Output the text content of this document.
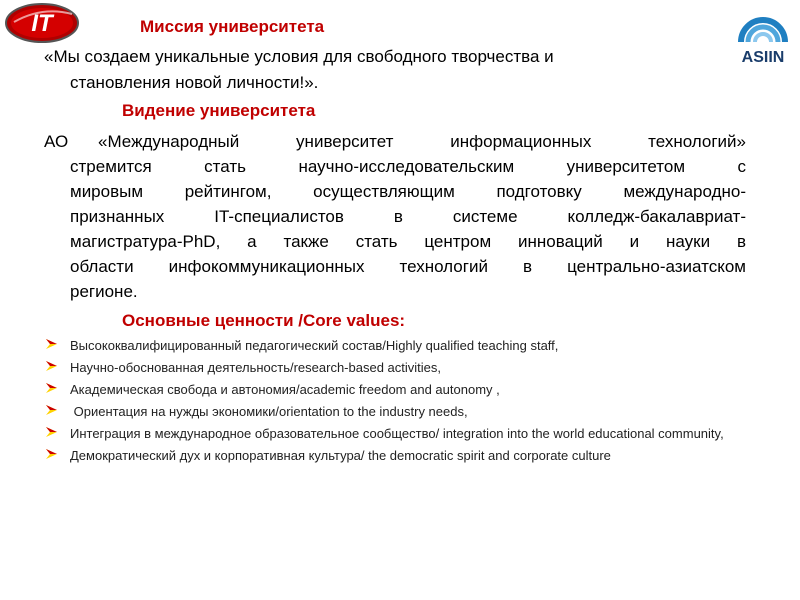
IT
ASIIN
Миссия университета

«Мы создаем уникальные условия для свободного творчества и
становления новой личности!».

Видение университета
АО «Международный университет информационных технологий»
стремится стать научно-исследовательским университетом с
мировым рейтингом, осуществляющим подготовку международно-
признанных IT-специалистов в системе колледж-бакалавриат-
магистратура-PhD, а также стать центром инноваций и науки в
области инфокоммуникационных технологий в центрально-азиатском
регионе.
Основные ценности /Core values:
Высококвалифицированный педагогический состав/Highly qualified teaching staff,
Научно-обоснованная деятельность/research-based activities,
Академическая свобода и автономия/academic freedom and autonomy ,
Ориентация на нужды экономики/orientation to the industry needs,
Интеграция в международное образовательное сообщество/ integration into the world educational community,
Демократический дух и корпоративная культура/ the democratic spirit and corporate culture
